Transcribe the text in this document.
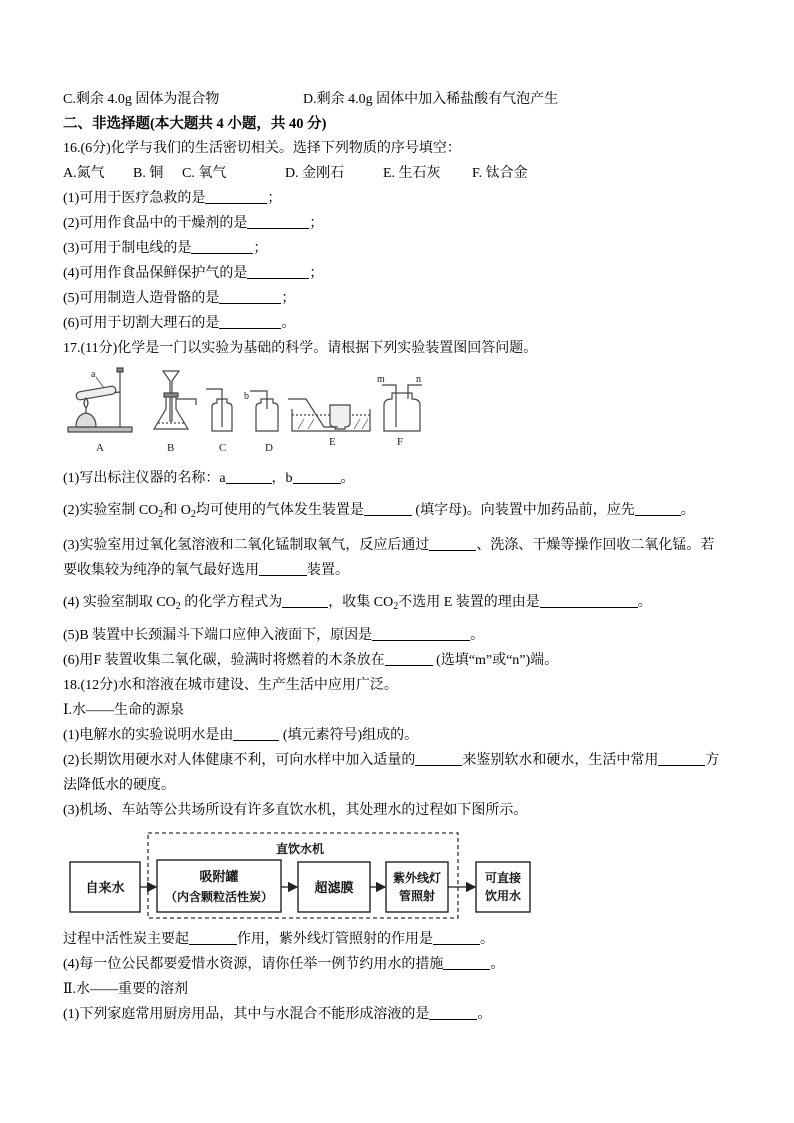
C.剩余 4.0g 固体为混合物	D.剩余 4.0g 固体中加入稀盐酸有气泡产生
二、非选择题(本大题共 4 小题，共 40 分)
16.(6分)化学与我们的生活密切相关。选择下列物质的序号填空：
A.氮气 B. 铜 C. 氧气	D. 金刚石	E. 生石灰 F. 钛合金
(1)可用于医疗急救的是	；
(2)可用作食品中的干燥剂的是	；
(3)可用于制电线的是	；
(4)可用作食品保鲜保护气的是	；
(5)可用制造人造骨骼的是	；
(6)可用于切割大理石的是	。
17.(11分)化学是一门以实验为基础的科学。请根据下列实验装置图回答问题。
a
b
m	n
A	B	C	D	E	F
(1)写出标注仪器的名称：a	，b	。
(2)实验室制 $CO_2$和 $O_2$均可使用的气体发生装置是	(填字母)。向装置中加药品前，应先	。
(3)实验室用过氧化氢溶液和二氧化锰制取氧气，反应后通过	、洗涤、干燥等操作回收二氧化锰。若
要收集较为纯净的氧气最好选用	装置。
(4) 实验室制取 $CO_2$ 的化学方程式为	，收集 $CO_2$不选用 E 装置的理由是	。
(5)B 装置中长颈漏斗下端口应伸入液面下，原因是	。
(6)用F 装置收集二氧化碳，验满时将燃着的木条放在	(选填“m”或“n”)端。
18.(12分)水和溶液在城市建设、生产生活中应用广泛。
Ⅰ.水——生命的源泉
(1)电解水的实验说明水是由	(填元素符号)组成的。
(2)长期饮用硬水对人体健康不利，可向水样中加入适量的	来鉴别软水和硬水，生活中常用	方
法降低水的硬度。
(3)机场、车站等公共场所设有许多直饮水机，其处理水的过程如下图所示。
直饮水机
自来水
吸附罐
（内含颗粒活性炭）
超滤膜
紫外线灯
管照射
可直接
饮用水
过程中活性炭主要起	作用，紫外线灯管照射的作用是	。
(4)每一位公民都要爱惜水资源，请你任举一例节约用水的措施	。
Ⅱ.水——重要的溶剂
(1)下列家庭常用厨房用品，其中与水混合不能形成溶液的是	。
